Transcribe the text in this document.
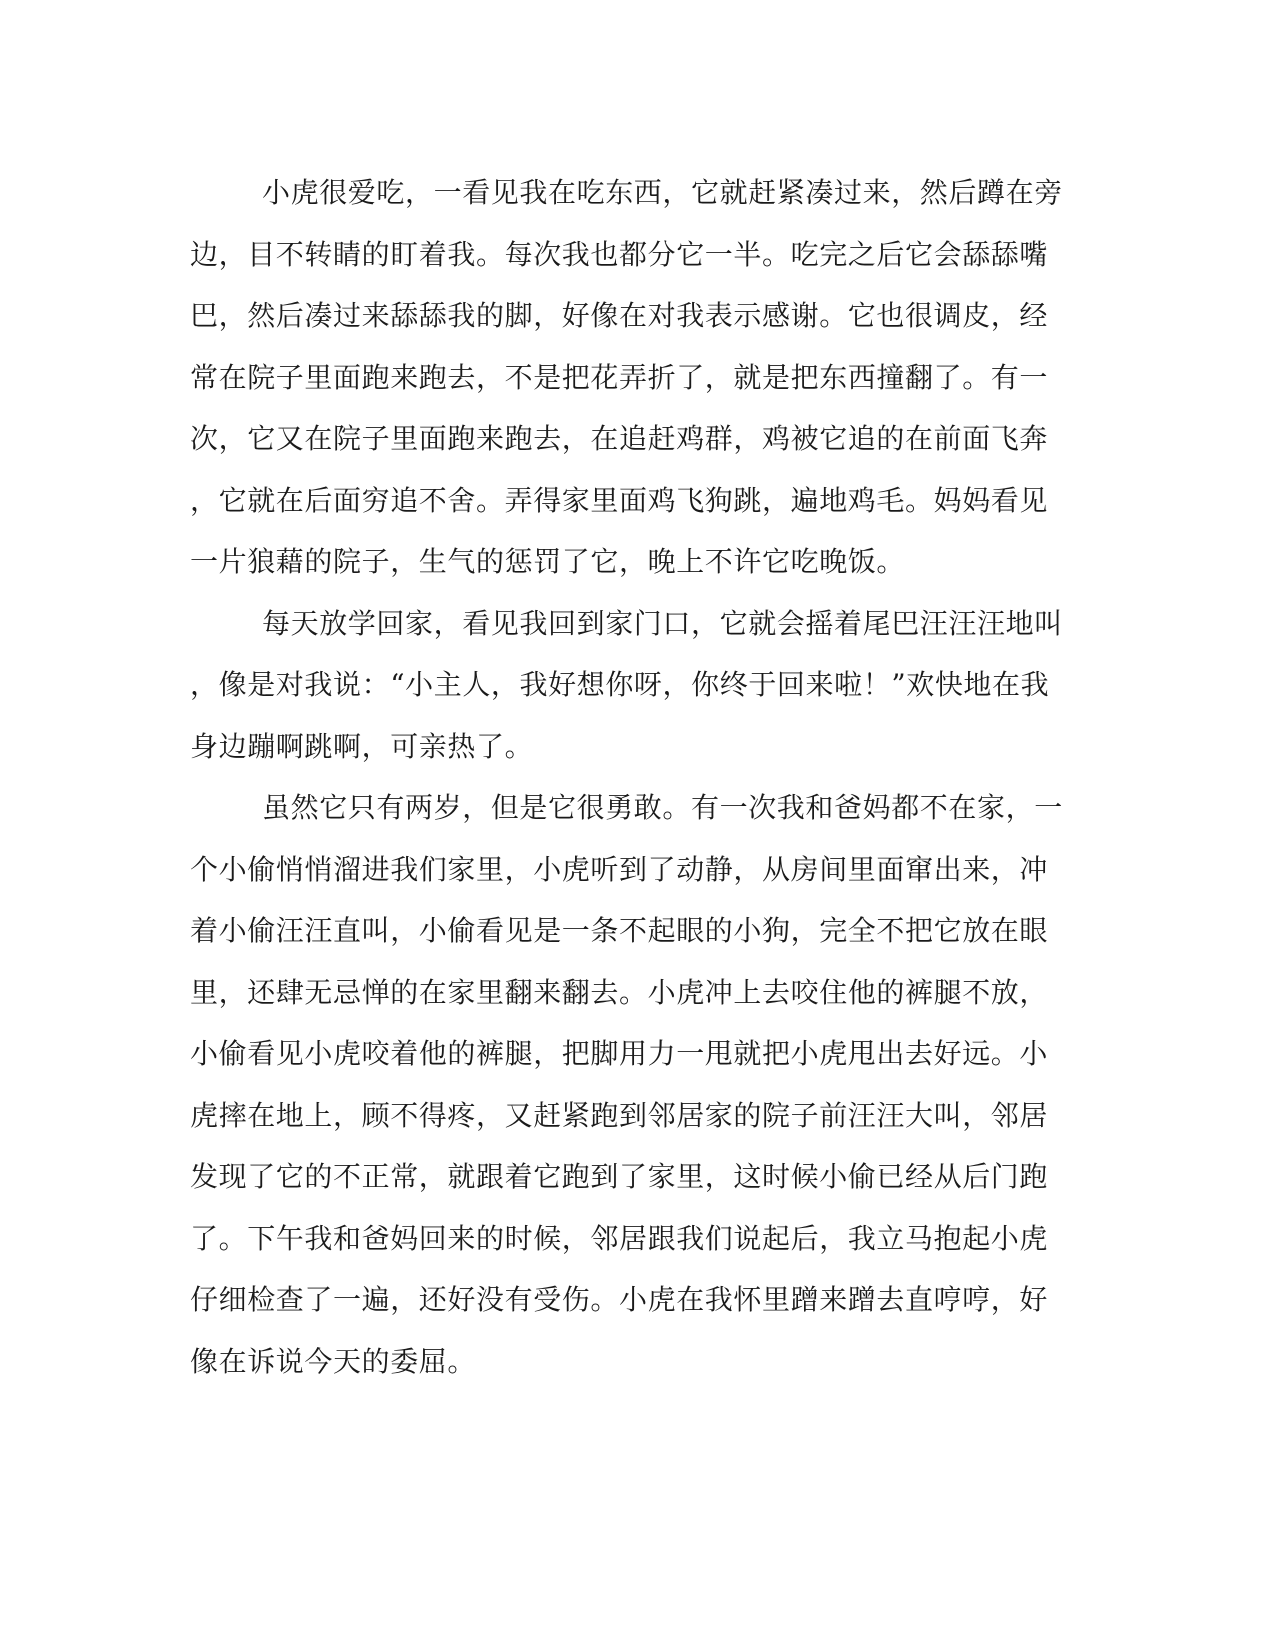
小虎很爱吃，一看见我在吃东西，它就赶紧凑过来，然后蹲在旁
边，目不转睛的盯着我。每次我也都分它一半。吃完之后它会舔舔嘴
巴，然后凑过来舔舔我的脚，好像在对我表示感谢。它也很调皮，经
常在院子里面跑来跑去，不是把花弄折了，就是把东西撞翻了。有一
次，它又在院子里面跑来跑去，在追赶鸡群，鸡被它追的在前面飞奔
，它就在后面穷追不舍。弄得家里面鸡飞狗跳，遍地鸡毛。妈妈看见
一片狼藉的院子，生气的惩罚了它，晚上不许它吃晚饭。
每天放学回家，看见我回到家门口，它就会摇着尾巴汪汪汪地叫
，像是对我说：“小主人，我好想你呀，你终于回来啦！”欢快地在我
身边蹦啊跳啊，可亲热了。
虽然它只有两岁，但是它很勇敢。有一次我和爸妈都不在家，一
个小偷悄悄溜进我们家里，小虎听到了动静，从房间里面窜出来，冲
着小偷汪汪直叫，小偷看见是一条不起眼的小狗，完全不把它放在眼
里，还肆无忌惮的在家里翻来翻去。小虎冲上去咬住他的裤腿不放，
小偷看见小虎咬着他的裤腿，把脚用力一甩就把小虎甩出去好远。小
虎摔在地上，顾不得疼，又赶紧跑到邻居家的院子前汪汪大叫，邻居
发现了它的不正常，就跟着它跑到了家里，这时候小偷已经从后门跑
了。下午我和爸妈回来的时候，邻居跟我们说起后，我立马抱起小虎
仔细检查了一遍，还好没有受伤。小虎在我怀里蹭来蹭去直哼哼，好
像在诉说今天的委屈。
